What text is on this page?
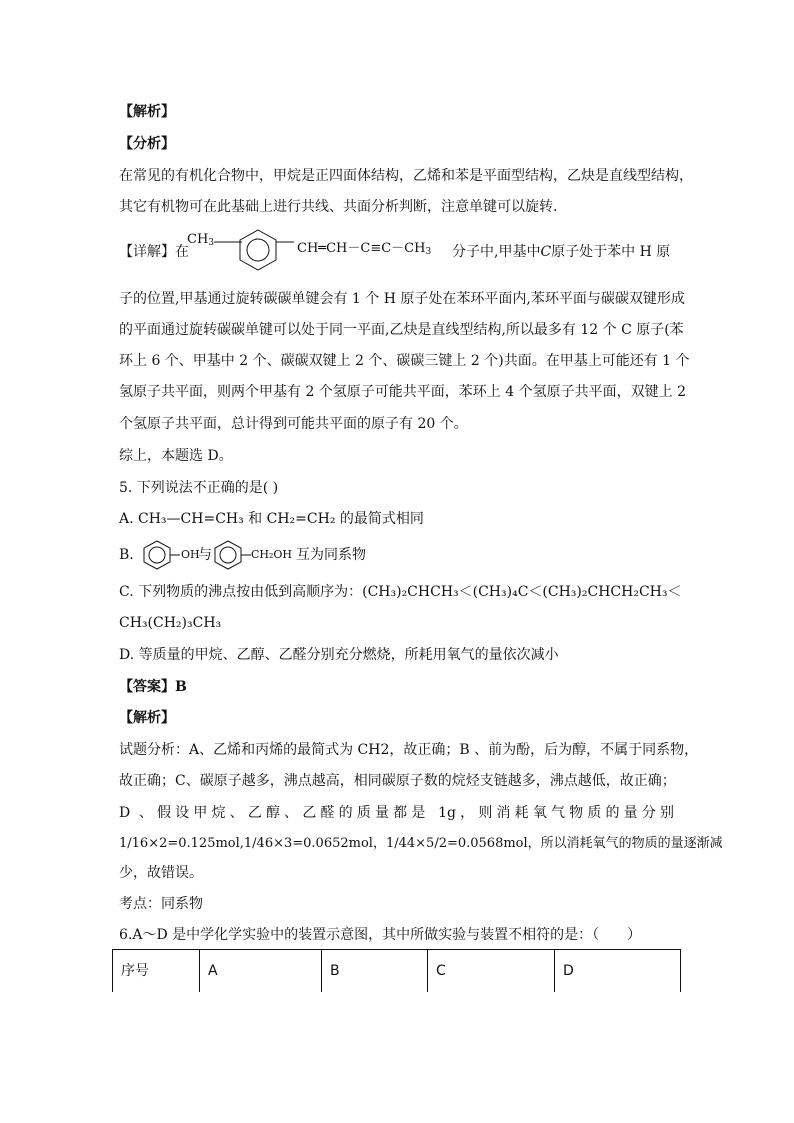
【解析】
【分析】
在常见的有机化合物中，甲烷是正四面体结构，乙烯和苯是平面型结构，乙炔是直线型结构，
其它有机物可在此基础上进行共线、共面分析判断，注意单键可以旋转．
【详解】在
$CH_3$	$CH═CH-C\equiv C-CH_3$ 分子中,甲基中C原子处于苯中 H 原
子的位置,甲基通过旋转碳碳单键会有 1 个 H 原子处在苯环平面内,苯环平面与碳碳双键形成
的平面通过旋转碳碳单键可以处于同一平面,乙炔是直线型结构,所以最多有 12 个 C 原子(苯
环上 6 个、甲基中 2 个、碳碳双键上 2 个、碳碳三键上 2 个)共面。在甲基上可能还有 1 个
氢原子共平面，则两个甲基有 2 个氢原子可能共平面，苯环上 4 个氢原子共平面，双键上 2
个氢原子共平面，总计得到可能共平面的原子有 20 个。
综上，本题选 D。
5. 下列说法不正确的是( )
A. CH₃—CH=CH₃ 和 CH₂=CH₂ 的最简式相同
B.	OH
与	CH₂OH 互为同系物
C. 下列物质的沸点按由低到高顺序为：(CH₃)₂CHCH₃＜(CH₃)₄C＜(CH₃)₂CHCH₂CH₃＜
CH₃(CH₂)₃CH₃
D. 等质量的甲烷、乙醇、乙醛分别充分燃烧，所耗用氧气的量依次减小
【答案】B
【解析】
试题分析：A、乙烯和丙烯的最简式为 CH2，故正确；B 、前为酚，后为醇，不属于同系物，
故正确；C、碳原子越多，沸点越高，相同碳原子数的烷烃支链越多，沸点越低，故正确；
D 、假设甲烷、乙醇、乙醛的质量都是 1g，则消耗氧气物质的量分别
1/16×2=0.125mol,1/46×3=0.0652mol，1/44×5/2=0.0568mol，所以消耗氧气的物质的量逐渐减
少，故错误。
考点：同系物
6.A～D 是中学化学实验中的装置示意图，其中所做实验与装置不相符的是：（　　）
序号	A	B	C	D
